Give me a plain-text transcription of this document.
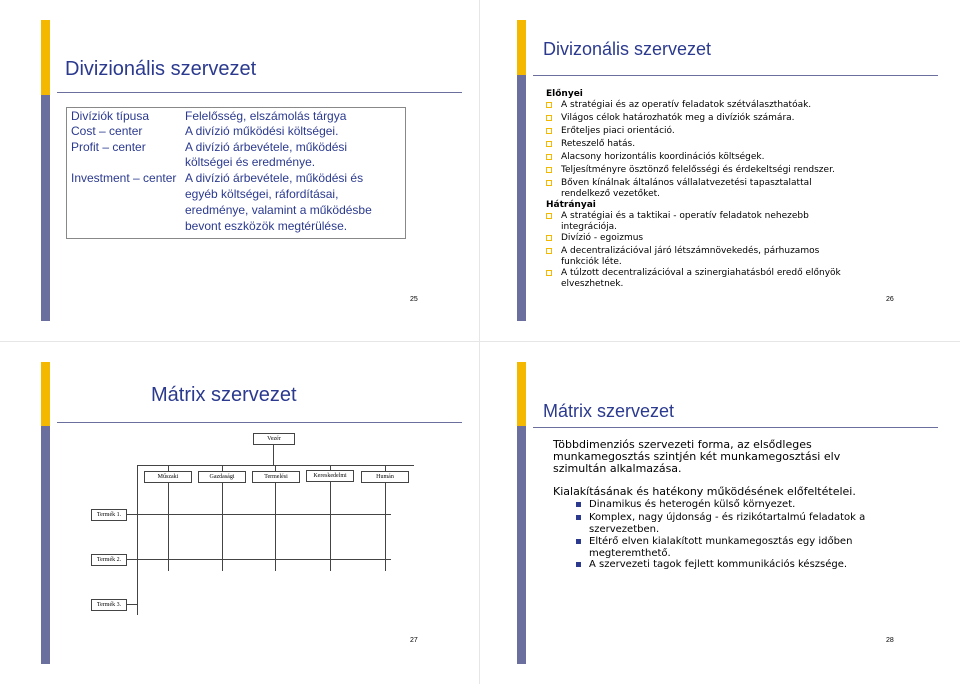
Divizionális szervezet
Divíziók típusa	Felelősség, elszámolás tárgya
Cost – center	A divízió működési költségei.
Profit – center	A divízió árbevétele, működési
költségei és eredménye.
Investment – center A divízió árbevétele, működési és
egyéb költségei, ráfordításai,
eredménye, valamint a működésbe
bevont eszközök megtérülése.
25
Divizonális szervezet
Előnyei
A stratégiai és az operatív feladatok szétválaszthatóak.
Világos célok határozhatók meg a divíziók számára.
Erőteljes piaci orientáció.
Reteszelő hatás.
Alacsony horizontális koordinációs költségek.
Teljesítményre ösztönző felelősségi és érdekeltségi rendszer.
Bőven kínálnak általános vállalatvezetési tapasztalattal rendelkező vezetőket.
Hátrányai
A stratégiai és a taktikai - operatív feladatok nehezebb integrációja.
Divízió - egoizmus
A decentralizációval járó létszámnövekedés, párhuzamos funkciók léte.
A túlzott decentralizációval a szinergiahatásból eredő előnyök elveszhetnek.
26
Mátrix szervezet
Vezér
Műszaki	Gazdasági	Termelési	Kereskedelmi	Humán
Termék 1.
Termék 2.
Termék 3.
27
Mátrix szervezet
Többdimenziós szervezeti forma, az elsődleges munkamegosztás szintjén két munkamegosztási elv szimultán alkalmazása.
Kialakításának és hatékony működésének előfeltételei.
Dinamikus és heterogén külső környezet.
Komplex, nagy újdonság - és rizikótartalmú feladatok a szervezetben.
Eltérő elven kialakított munkamegosztás egy időben megteremthető.
A szervezeti tagok fejlett kommunikációs készsége.
28
